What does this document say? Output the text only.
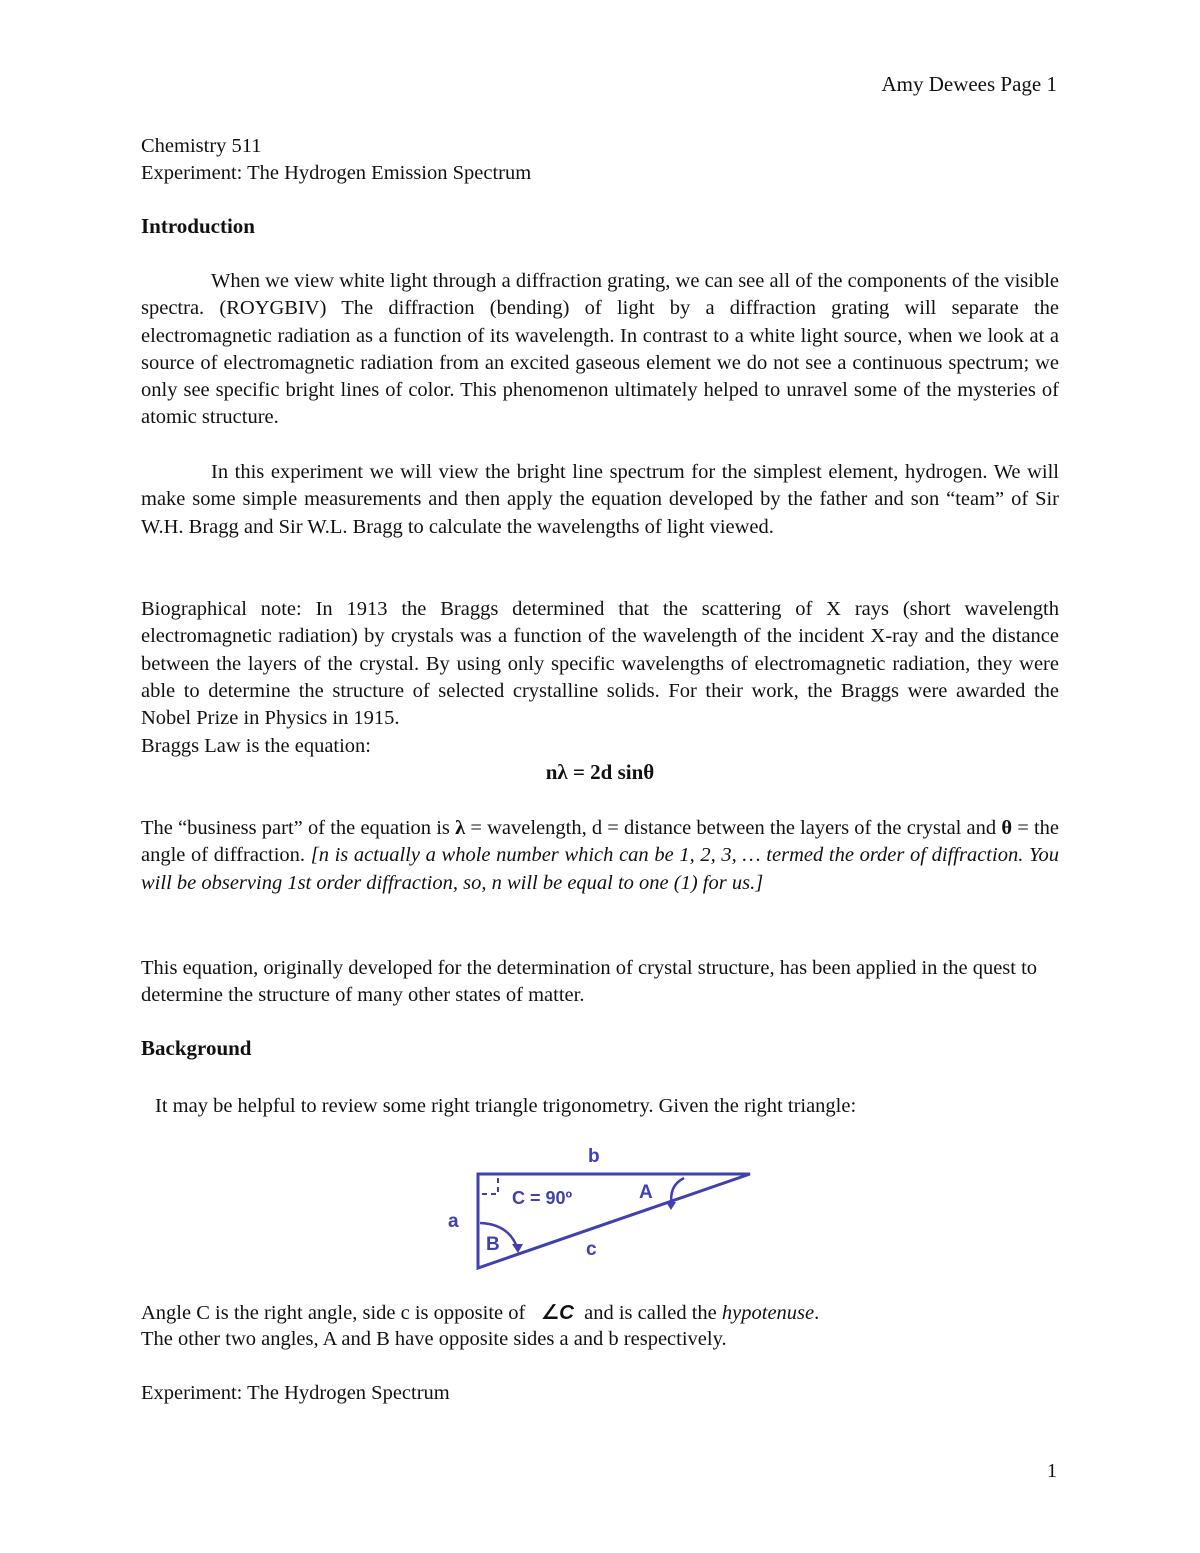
Amy Dewees Page 1
Chemistry 511
Experiment: The Hydrogen Emission Spectrum
Introduction

When we view white light through a diffraction grating, we can see all of the components of the visible spectra. (ROYGBIV) The diffraction (bending) of light by a diffraction grating will separate the electromagnetic radiation as a function of its wavelength. In contrast to a white light source, when we look at a source of electromagnetic radiation from an excited gaseous element we do not see a continuous spectrum; we only see specific bright lines of color. This phenomenon ultimately helped to unravel some of the mysteries of atomic structure.

In this experiment we will view the bright line spectrum for the simplest element, hydrogen. We will make some simple measurements and then apply the equation developed by the father and son “team” of Sir W.H. Bragg and Sir W.L. Bragg to calculate the wavelengths of light viewed.

Biographical note: In 1913 the Braggs determined that the scattering of X rays (short wavelength electromagnetic radiation) by crystals was a function of the wavelength of the incident X-ray and the distance between the layers of the crystal. By using only specific wavelengths of electromagnetic radiation, they were able to determine the structure of selected crystalline solids. For their work, the Braggs were awarded the Nobel Prize in Physics in 1915.

Braggs Law is the equation:
nλ = 2d sinθ

The “business part” of the equation is λ = wavelength, d = distance between the layers of the crystal and θ = the angle of diffraction. [n is actually a whole number which can be 1, 2, 3, … termed the order of diffraction. You will be observing 1st order diffraction, so, n will be equal to one (1) for us.]

This equation, originally developed for the determination of crystal structure, has been applied in the quest to determine the structure of many other states of matter.

Background
It may be helpful to review some right triangle trigonometry. Given the right triangle:
b
a
c
C = 90º	A
B
Angle C is the right angle, side c is opposite of   ∠C  and is called the hypotenuse.
The other two angles, A and B have opposite sides a and b respectively.
Experiment: The Hydrogen Spectrum
1
